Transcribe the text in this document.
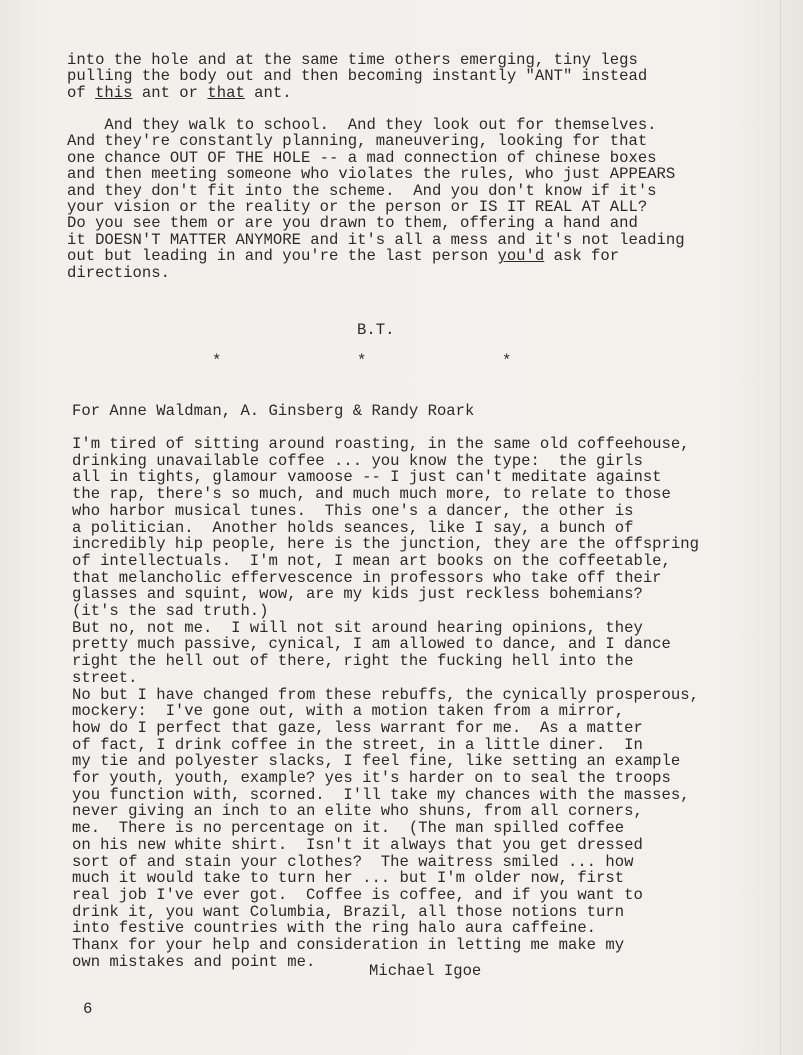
into the hole and at the same time others emerging, tiny legs
pulling the body out and then becoming instantly "ANT" instead
of this ant or that ant.
And they walk to school.  And they look out for themselves.
And they're constantly planning, maneuvering, looking for that
one chance OUT OF THE HOLE -- a mad connection of chinese boxes
and then meeting someone who violates the rules, who just APPEARS
and they don't fit into the scheme.  And you don't know if it's
your vision or the reality or the person or IS IT REAL AT ALL?
Do you see them or are you drawn to them, offering a hand and
it DOESN'T MATTER ANYMORE and it's all a mess and it's not leading
out but leading in and you're the last person you'd ask for
directions.
B.T.
*	*	*
For Anne Waldman, A. Ginsberg & Randy Roark
I'm tired of sitting around roasting, in the same old coffeehouse,
drinking unavailable coffee ... you know the type:  the girls
all in tights, glamour vamoose -- I just can't meditate against
the rap, there's so much, and much much more, to relate to those
who harbor musical tunes.  This one's a dancer, the other is
a politician.  Another holds seances, like I say, a bunch of
incredibly hip people, here is the junction, they are the offspring
of intellectuals.  I'm not, I mean art books on the coffeetable,
that melancholic effervescence in professors who take off their
glasses and squint, wow, are my kids just reckless bohemians?
(it's the sad truth.)
But no, not me.  I will not sit around hearing opinions, they
pretty much passive, cynical, I am allowed to dance, and I dance
right the hell out of there, right the fucking hell into the
street.
No but I have changed from these rebuffs, the cynically prosperous,
mockery:  I've gone out, with a motion taken from a mirror,
how do I perfect that gaze, less warrant for me.  As a matter
of fact, I drink coffee in the street, in a little diner.  In
my tie and polyester slacks, I feel fine, like setting an example
for youth, youth, example? yes it's harder on to seal the troops
you function with, scorned.  I'll take my chances with the masses,
never giving an inch to an elite who shuns, from all corners,
me.  There is no percentage on it.  (The man spilled coffee
on his new white shirt.  Isn't it always that you get dressed
sort of and stain your clothes?  The waitress smiled ... how
much it would take to turn her ... but I'm older now, first
real job I've ever got.  Coffee is coffee, and if you want to
drink it, you want Columbia, Brazil, all those notions turn
into festive countries with the ring halo aura caffeine.
Thanx for your help and consideration in letting me make my
own mistakes and point me.
Michael Igoe
6
